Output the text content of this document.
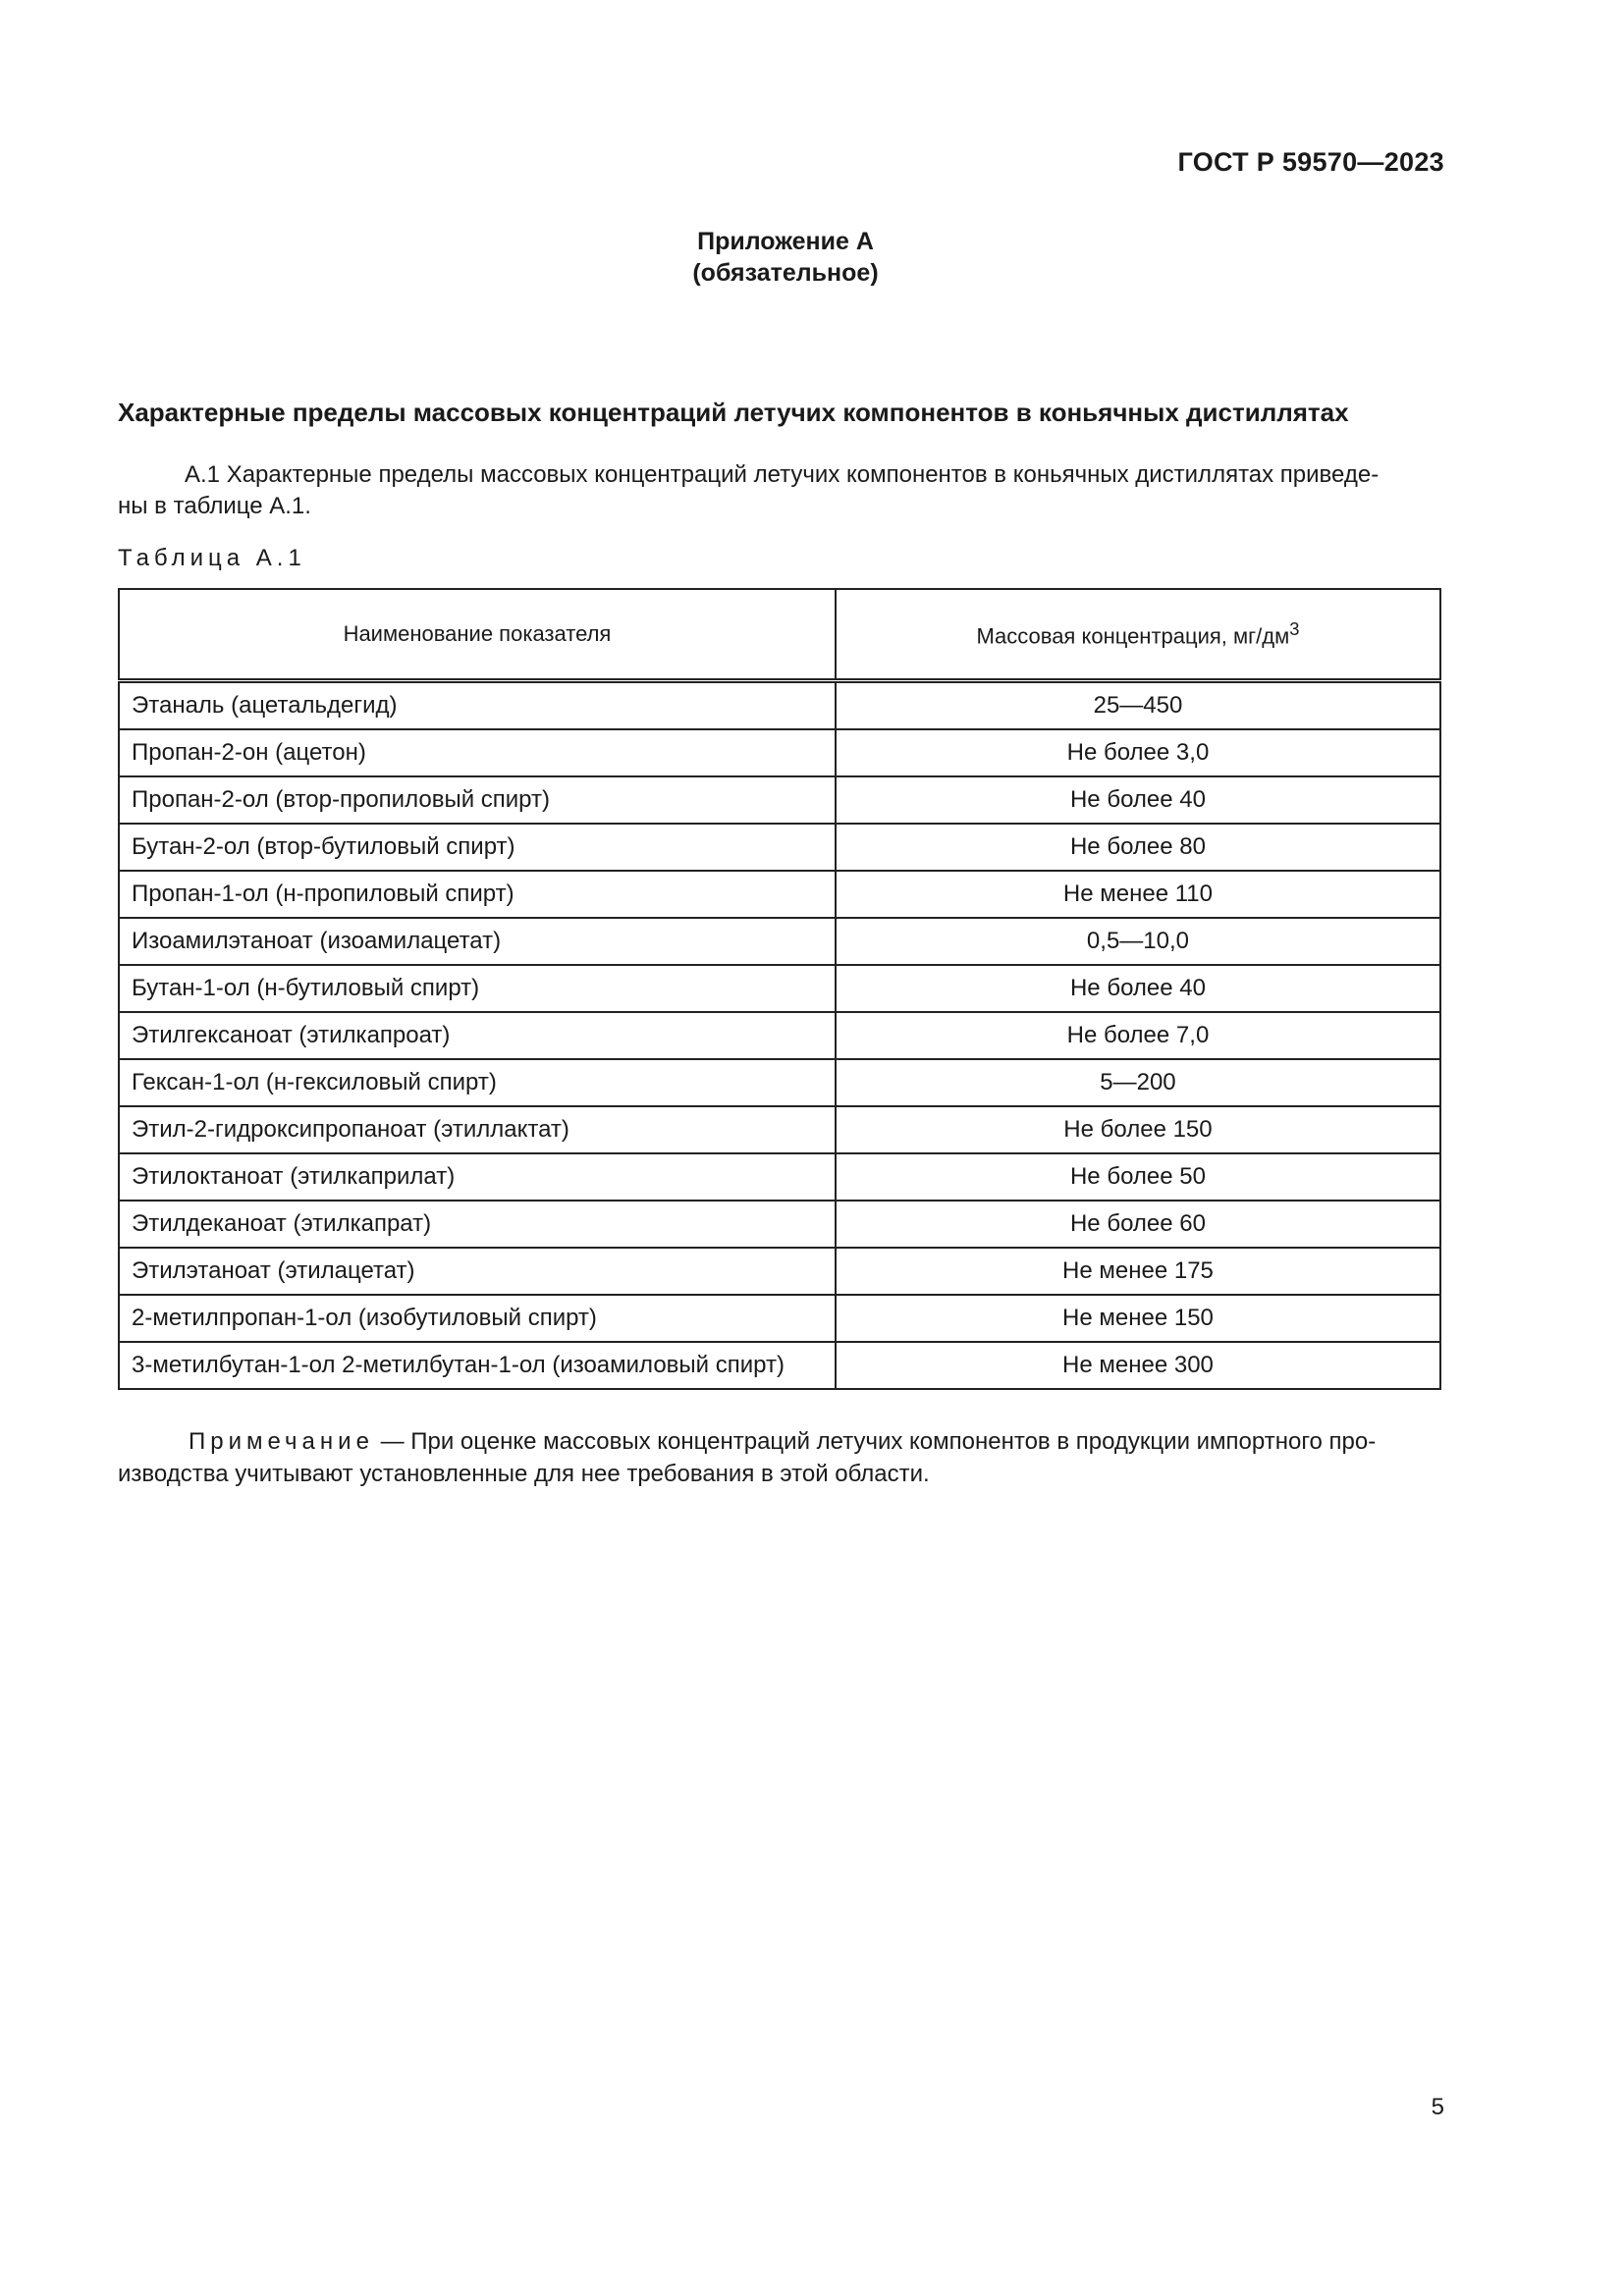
ГОСТ Р 59570—2023
Приложение А
(обязательное)
Характерные пределы массовых концентраций летучих компонентов в коньячных дистиллятах
А.1 Характерные пределы массовых концентраций летучих компонентов в коньячных дистиллятах приведе-
ны в таблице А.1.
Таблица А.1
Наименование показателя	Массовая концентрация, $мг/дм^3$
Этаналь (ацетальдегид)	25—450
Пропан-2-он (ацетон)	Не более 3,0
Пропан-2-ол (втор-пропиловый спирт)	Не более 40
Бутан-2-ол (втор-бутиловый спирт)	Не более 80
Пропан-1-ол (н-пропиловый спирт)	Не менее 110
Изоамилэтаноат (изоамилацетат)	0,5—10,0
Бутан-1-ол (н-бутиловый спирт)	Не более 40
Этилгексаноат (этилкапроат)	Не более 7,0
Гексан-1-ол (н-гексиловый спирт)	5—200
Этил-2-гидроксипропаноат (этиллактат)	Не более 150
Этилоктаноат (этилкаприлат)	Не более 50
Этилдеканоат (этилкапрат)	Не более 60
Этилэтаноат (этилацетат)	Не менее 175
2-метилпропан-1-ол (изобутиловый спирт)	Не менее 150
3-метилбутан-1-ол 2-метилбутан-1-ол (изоамиловый спирт)	Не менее 300
Примечание — При оценке массовых концентраций летучих компонентов в продукции импортного про-
изводства учитывают установленные для нее требования в этой области.
5
